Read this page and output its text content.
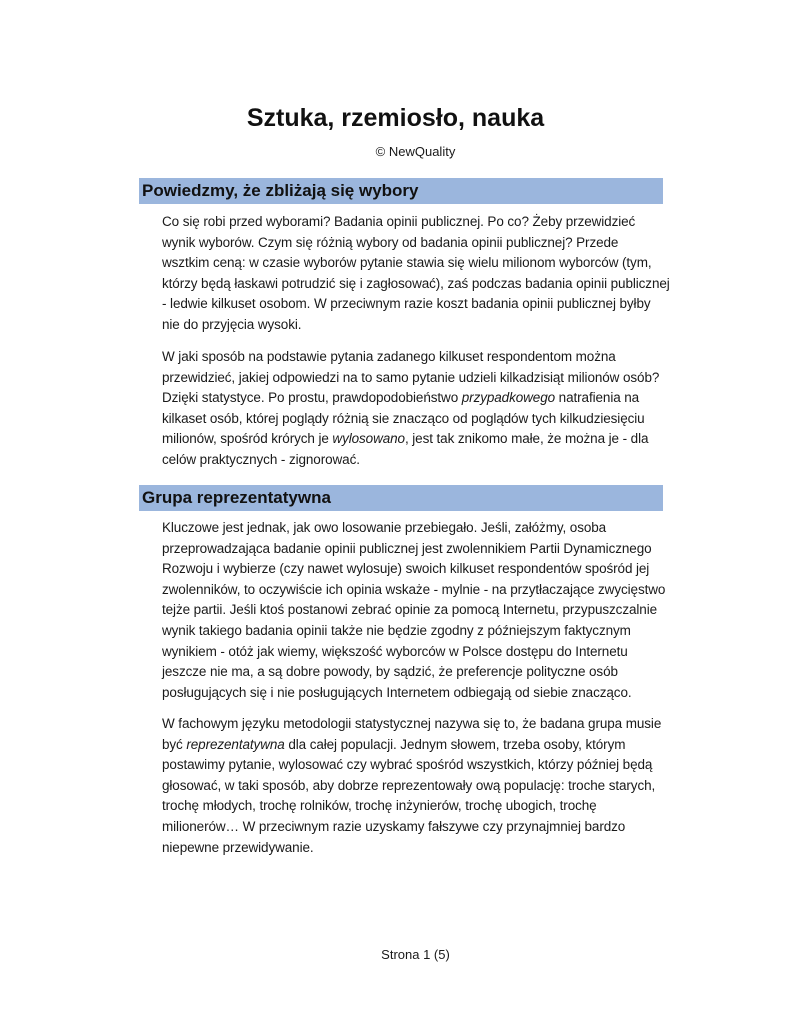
Sztuka, rzemiosło, nauka
© NewQuality
Powiedzmy, że zbliżają się wybory

Co się robi przed wyborami? Badania opinii publicznej. Po co? Żeby przewidzieć
wynik wyborów. Czym się różnią wybory od badania opinii publicznej? Przede
wsztkim ceną: w czasie wyborów pytanie stawia się wielu milionom wyborców (tym,
którzy będą łaskawi potrudzić się i zagłosować), zaś podczas badania opinii publicznej
- ledwie kilkuset osobom. W przeciwnym razie koszt badania opinii publicznej byłby
nie do przyjęcia wysoki.

W jaki sposób na podstawie pytania zadanego kilkuset respondentom można
przewidzieć, jakiej odpowiedzi na to samo pytanie udzieli kilkadzisiąt milionów osób?
Dzięki statystyce. Po prostu, prawdopodobieństwo przypadkowego natrafienia na
kilkaset osób, której poglądy różnią sie znacząco od poglądów tych kilkudziesięciu
milionów, spośród krórych je wylosowano, jest tak znikomo małe, że można je - dla
celów praktycznych - zignorować.

Grupa reprezentatywna

Kluczowe jest jednak, jak owo losowanie przebiegało. Jeśli, załóżmy, osoba
przeprowadzająca badanie opinii publicznej jest zwolennikiem Partii Dynamicznego
Rozwoju i wybierze (czy nawet wylosuje) swoich kilkuset respondentów spośród jej
zwolenników, to oczywiście ich opinia wskaże - mylnie - na przytłaczające zwycięstwo
tejże partii. Jeśli ktoś postanowi zebrać opinie za pomocą Internetu, przypuszczalnie
wynik takiego badania opinii także nie będzie zgodny z późniejszym faktycznym
wynikiem - otóż jak wiemy, większość wyborców w Polsce dostępu do Internetu
jeszcze nie ma, a są dobre powody, by sądzić, że preferencje polityczne osób
posługujących się i nie posługujących Internetem odbiegają od siebie znacząco.

W fachowym języku metodologii statystycznej nazywa się to, że badana grupa musie
być reprezentatywna dla całej populacji. Jednym słowem, trzeba osoby, którym
postawimy pytanie, wylosować czy wybrać spośród wszystkich, którzy później będą
głosować, w taki sposób, aby dobrze reprezentowały ową populację: troche starych,
trochę młodych, trochę rolników, trochę inżynierów, trochę ubogich, trochę
milionerów… W przeciwnym razie uzyskamy fałszywe czy przynajmniej bardzo
niepewne przewidywanie.

Strona 1 (5)
